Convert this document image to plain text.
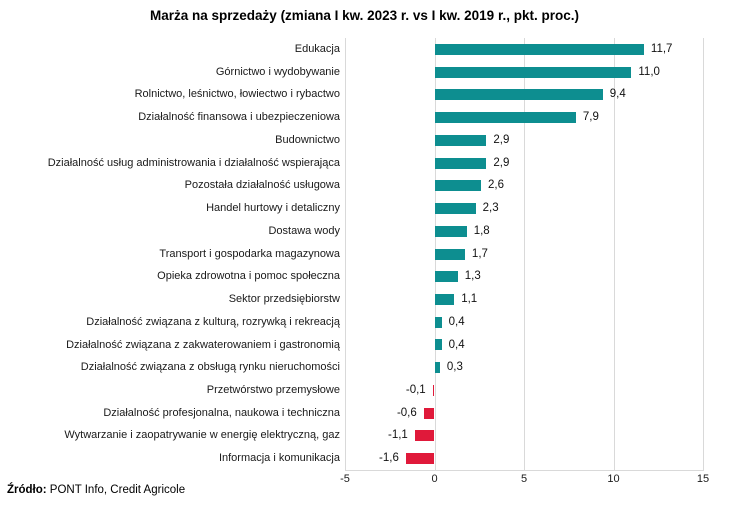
Marża na sprzedaży (zmiana I kw. 2023 r. vs I kw. 2019 r., pkt. proc.)
Edukacja	11,7
Górnictwo i wydobywanie	11,0
Rolnictwo, leśnictwo, łowiectwo i rybactwo	9,4
Działalność finansowa i ubezpieczeniowa	7,9
Budownictwo	2,9
Działalność usług administrowania i działalność wspierająca	2,9
Pozostała działalność usługowa	2,6
Handel hurtowy i detaliczny	2,3
Dostawa wody	1,8
Transport i gospodarka magazynowa	1,7
Opieka zdrowotna i pomoc społeczna	1,3
Sektor przedsiębiorstw	1,1
Działalność związana z kulturą, rozrywką i rekreacją	0,4
Działalność związana z zakwaterowaniem i gastronomią	0,4
Działalność związana z obsługą rynku nieruchomości	0,3
Przetwórstwo przemysłowe	-0,1
Działalność profesjonalna, naukowa i techniczna	-0,6
Wytwarzanie i zaopatrywanie w energię elektryczną, gaz	-1,1
Informacja i komunikacja	-1,6
-5	0	5	10	15
Źródło: PONT Info, Credit Agricole
